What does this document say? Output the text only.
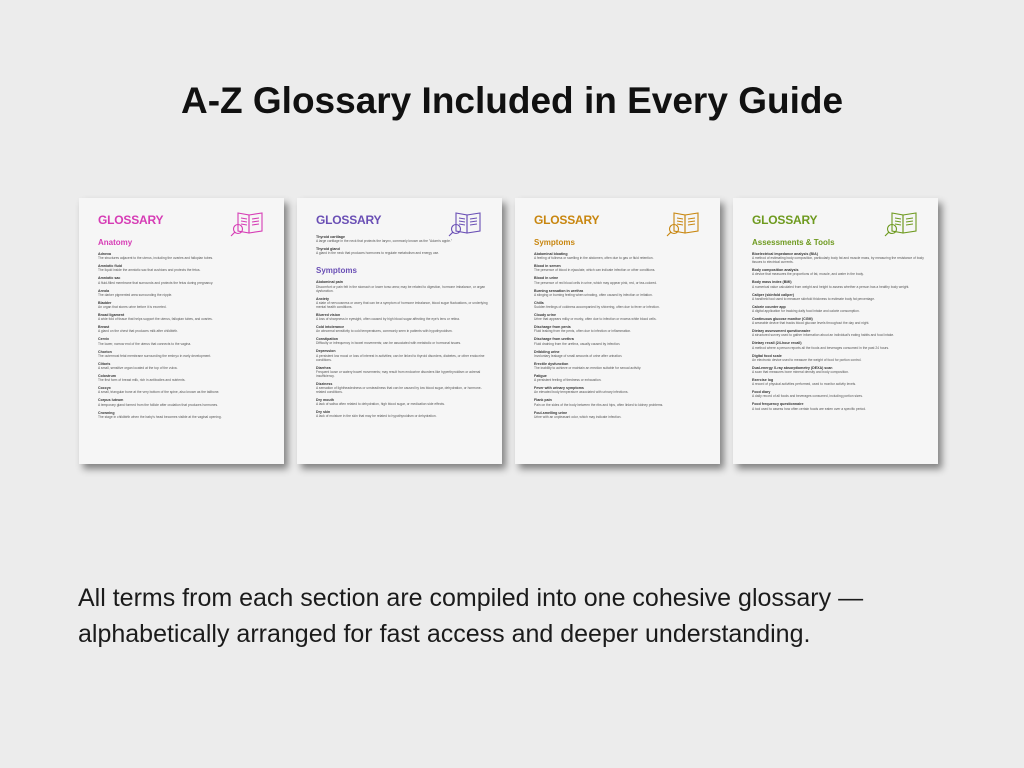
A-Z Glossary Included in Every Guide
GLOSSARY
Anatomy
Adnexa
The structures adjacent to the uterus, including the ovaries and fallopian tubes.
Amniotic fluid
The liquid inside the amniotic sac that cushions and protects the fetus.
Amniotic sac
A fluid-filled membrane that surrounds and protects the fetus during pregnancy.
Areola
The darker pigmented area surrounding the nipple.
Bladder
An organ that stores urine before it is excreted.
Broad ligament
A wide fold of tissue that helps support the uterus, fallopian tubes, and ovaries.
Breast
A gland on the chest that produces milk after childbirth.
Cervix
The lower, narrow end of the uterus that connects to the vagina.
Chorion
The outermost fetal membrane surrounding the embryo in early development.
Clitoris
A small, sensitive organ located at the top of the vulva.
Colostrum
The first form of breast milk, rich in antibodies and nutrients.
Coccyx
A small, triangular bone at the very bottom of the spine, also known as the tailbone.
Corpus luteum
A temporary gland formed from the follicle after ovulation that produces hormones.
Crowning
The stage in childbirth when the baby's head becomes visible at the vaginal opening.
GLOSSARY
Thyroid cartilage
A large cartilage in the neck that protects the larynx, commonly known as the "Adam's apple."
Thyroid gland
A gland in the neck that produces hormones to regulate metabolism and energy use.
Symptoms
Abdominal pain
Discomfort or pain felt in the stomach or lower torso area; may be related to digestion, hormone imbalance, or organ dysfunction.
Anxiety
A state of nervousness or worry that can be a symptom of hormone imbalance, blood sugar fluctuations, or underlying mental health conditions.
Blurred vision
A loss of sharpness in eyesight, often caused by high blood sugar affecting the eye's lens or retina.
Cold intolerance
An abnormal sensitivity to cold temperatures, commonly seen in patients with hypothyroidism.
Constipation
Difficulty or infrequency in bowel movements; can be associated with metabolic or hormonal issues.
Depression
A persistent low mood or loss of interest in activities; can be linked to thyroid disorders, diabetes, or other endocrine conditions.
Diarrhea
Frequent loose or watery bowel movements; may result from endocrine disorders like hyperthyroidism or adrenal insufficiency.
Dizziness
A sensation of lightheadedness or unsteadiness that can be caused by low blood sugar, dehydration, or hormone-related conditions.
Dry mouth
A lack of saliva often related to dehydration, high blood sugar, or medication side effects.
Dry skin
A lack of moisture in the skin that may be related to hypothyroidism or dehydration.
GLOSSARY
Symptoms
Abdominal bloating
A feeling of fullness or swelling in the abdomen, often due to gas or fluid retention.
Blood in semen
The presence of blood in ejaculate, which can indicate infection or other conditions.
Blood in urine
The presence of red blood cells in urine, which may appear pink, red, or tea-colored.
Burning sensation in urethra
A stinging or burning feeling when urinating, often caused by infection or irritation.
Chills
Sudden feelings of coldness accompanied by shivering, often due to fever or infection.
Cloudy urine
Urine that appears milky or murky, often due to infection or excess white blood cells.
Discharge from penis
Fluid leaking from the penis, often due to infection or inflammation.
Discharge from urethra
Fluid draining from the urethra, usually caused by infection.
Dribbling urine
Involuntary leakage of small amounts of urine after urination.
Erectile dysfunction
The inability to achieve or maintain an erection suitable for sexual activity.
Fatigue
A persistent feeling of tiredness or exhaustion.
Fever with urinary symptoms
An elevated body temperature associated with urinary infections.
Flank pain
Pain on the sides of the body between the ribs and hips, often linked to kidney problems.
Foul-smelling urine
Urine with an unpleasant odor, which may indicate infection.
GLOSSARY
Assessments & Tools
Bioelectrical impedance analysis (BIA)
A method of estimating body composition, particularly body fat and muscle mass, by measuring the resistance of body tissues to electrical currents.
Body composition analysis
A device that measures the proportions of fat, muscle, and water in the body.
Body mass index (BMI)
A numerical value calculated from weight and height to assess whether a person has a healthy body weight.
Caliper (skinfold caliper)
A handheld tool used to measure skinfold thickness to estimate body fat percentage.
Calorie counter app
A digital application for tracking daily food intake and calorie consumption.
Continuous glucose monitor (CGM)
A wearable device that tracks blood glucose levels throughout the day and night.
Dietary assessment questionnaire
A structured survey used to gather information about an individual's eating habits and food intake.
Dietary recall (24-hour recall)
A method where a person reports all the foods and beverages consumed in the past 24 hours.
Digital food scale
An electronic device used to measure the weight of food for portion control.
Dual-energy X-ray absorptiometry (DEXA) scan
A scan that measures bone mineral density and body composition.
Exercise log
A record of physical activities performed, used to monitor activity levels.
Food diary
A daily record of all foods and beverages consumed, including portion sizes.
Food frequency questionnaire
A tool used to assess how often certain foods are eaten over a specific period.

All terms from each section are compiled into one cohesive glossary — alphabetically arranged for fast access and deeper understanding.
